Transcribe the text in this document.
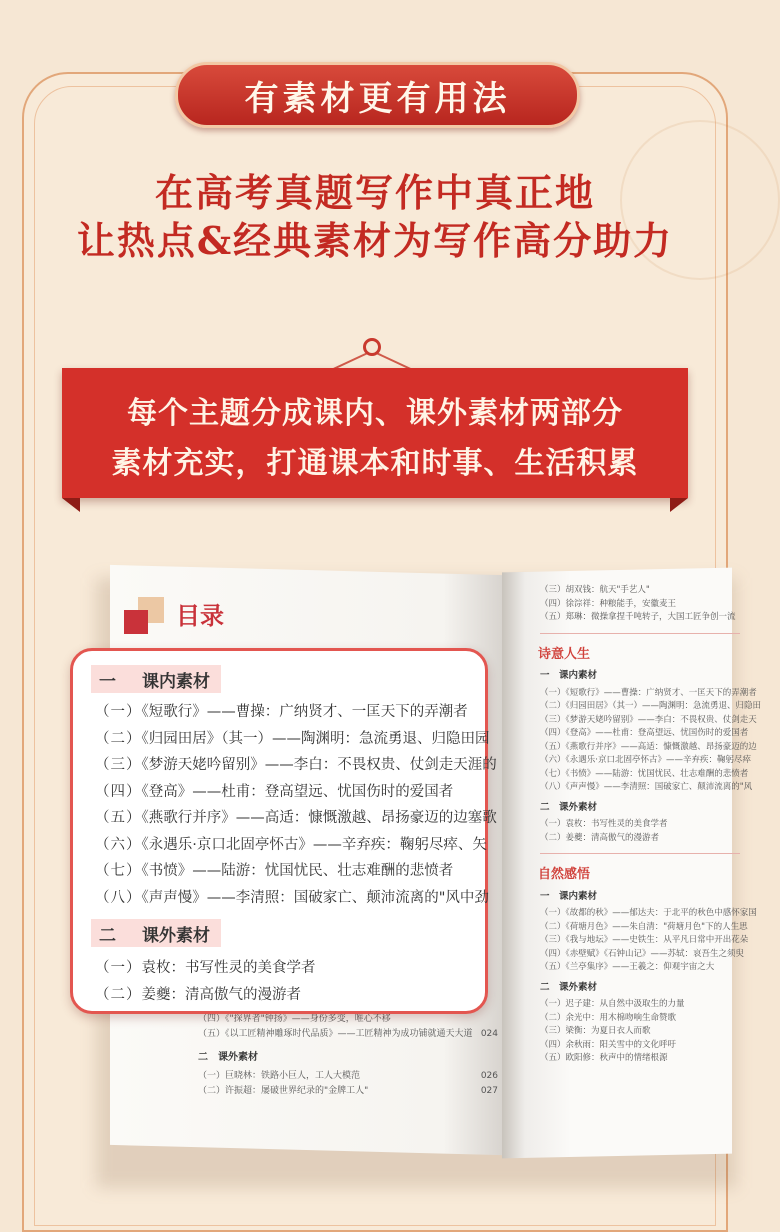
有素材更有用法
在高考真题写作中真正地
让热点&经典素材为写作高分助力
每个主题分成课内、课外素材两部分
素材充实，打通课本和时事、生活积累
目录
（四）《"探界者"钟扬》——身份多变，唯心不移
（五）《以工匠精神雕琢时代品质》——工匠精神为成功铺就通天大道 024
二　课外素材
（一）巨晓林：铁路小巨人，工人大模范	026
（二）许振超：屡破世界纪录的"金牌工人"	027
（三）胡双钱：航天"手艺人"
（四）徐淙祥：种粮能手，安徽麦王
（五）郑琳：微操拿捏千吨转子，大国工匠争创一流
诗意人生
一　课内素材
（一）《短歌行》——曹操：广纳贤才、一匡天下的弄潮者
（二）《归园田居》（其一）——陶渊明：急流勇退、归隐田
（三）《梦游天姥吟留别》——李白：不畏权贵、仗剑走天
（四）《登高》——杜甫：登高望远、忧国伤时的爱国者
（五）《燕歌行并序》——高适：慷慨激越、昂扬豪迈的边
（六）《永遇乐·京口北固亭怀古》——辛弃疾：鞠躬尽瘁
（七）《书愤》——陆游：忧国忧民、壮志难酬的悲愤者
（八）《声声慢》——李清照：国破家亡、颠沛流离的"风
二　课外素材
（一）袁枚：书写性灵的美食学者
（二）姜夔：清高傲气的漫游者
自然感悟
一　课内素材
（一）《故都的秋》——郁达夫：于北平的秋色中感怀家国
（二）《荷塘月色》——朱自清："荷塘月色"下的人生思
（三）《我与地坛》——史铁生：从平凡日常中开出花朵
（四）《赤壁赋》《石钟山记》——苏轼：哀吾生之须臾
（五）《兰亭集序》——王羲之：仰观宇宙之大
二　课外素材
（一）迟子建：从自然中汲取生的力量
（二）余光中：用木棉吻响生命赞歌
（三）梁衡：为夏日衣人而歌
（四）余秋雨：阳关雪中的文化呼吁
（五）欧阳修：秋声中的情绪根源
一 课内素材
（一）《短歌行》——曹操：广纳贤才、一匡天下的弄潮者
（二）《归园田居》（其一）——陶渊明：急流勇退、归隐田园
（三）《梦游天姥吟留别》——李白：不畏权贵、仗剑走天涯的
（四）《登高》——杜甫：登高望远、忧国伤时的爱国者
（五）《燕歌行并序》——高适：慷慨激越、昂扬豪迈的边塞歌
（六）《永遇乐·京口北固亭怀古》——辛弃疾：鞠躬尽瘁、矢
（七）《书愤》——陆游：忧国忧民、壮志难酬的悲愤者
（八）《声声慢》——李清照：国破家亡、颠沛流离的"风中劲
二 课外素材
（一）袁枚：书写性灵的美食学者
（二）姜夔：清高傲气的漫游者
